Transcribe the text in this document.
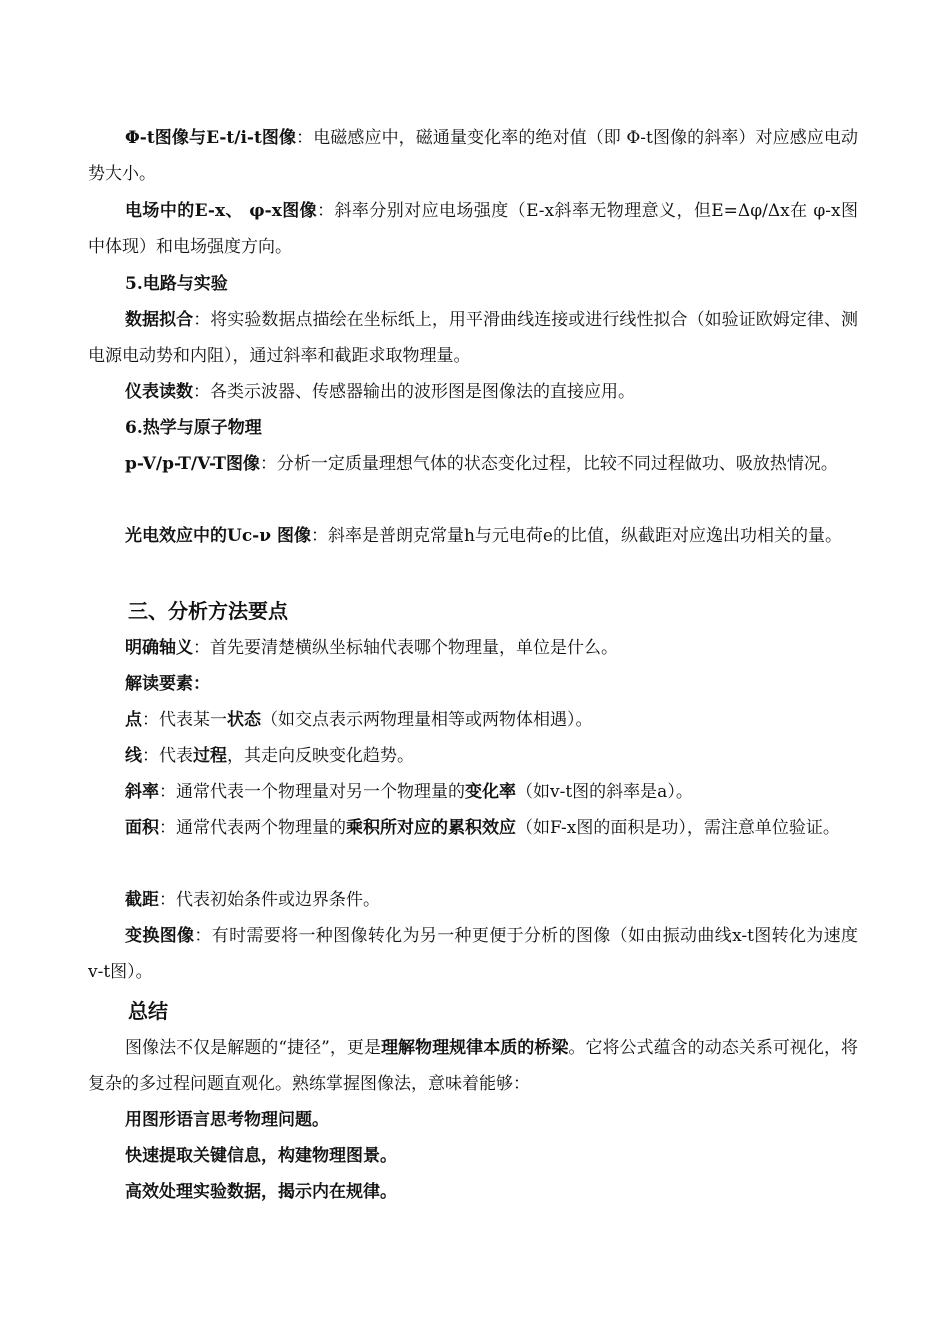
Φ-t图像与E-t/i-t图像：电磁感应中，磁通量变化率的绝对值（即 Φ-t图像的斜率）对应感应电动势大小。

电场中的E-x、 φ-x图像：斜率分别对应电场强度（E-x斜率无物理意义，但E=Δφ/Δx在 φ-x图中体现）和电场强度方向。

5.电路与实验

数据拟合：将实验数据点描绘在坐标纸上，用平滑曲线连接或进行线性拟合（如验证欧姆定律、测电源电动势和内阻），通过斜率和截距求取物理量。

仪表读数：各类示波器、传感器输出的波形图是图像法的直接应用。

6.热学与原子物理

p-V/p-T/V-T图像：分析一定质量理想气体的状态变化过程，比较不同过程做功、吸放热情况。

光电效应中的Uc-ν 图像：斜率是普朗克常量h与元电荷e的比值，纵截距对应逸出功相关的量。

三、分析方法要点

明确轴义：首先要清楚横纵坐标轴代表哪个物理量，单位是什么。

解读要素：

点：代表某一状态（如交点表示两物理量相等或两物体相遇）。

线：代表过程，其走向反映变化趋势。

斜率：通常代表一个物理量对另一个物理量的变化率（如v-t图的斜率是a）。

面积：通常代表两个物理量的乘积所对应的累积效应（如F-x图的面积是功），需注意单位验证。

截距：代表初始条件或边界条件。

变换图像：有时需要将一种图像转化为另一种更便于分析的图像（如由振动曲线x-t图转化为速度v-t图）。

总结

图像法不仅是解题的“捷径”，更是理解物理规律本质的桥梁。它将公式蕴含的动态关系可视化，将复杂的多过程问题直观化。熟练掌握图像法，意味着能够：

用图形语言思考物理问题。

快速提取关键信息，构建物理图景。

高效处理实验数据，揭示内在规律。
